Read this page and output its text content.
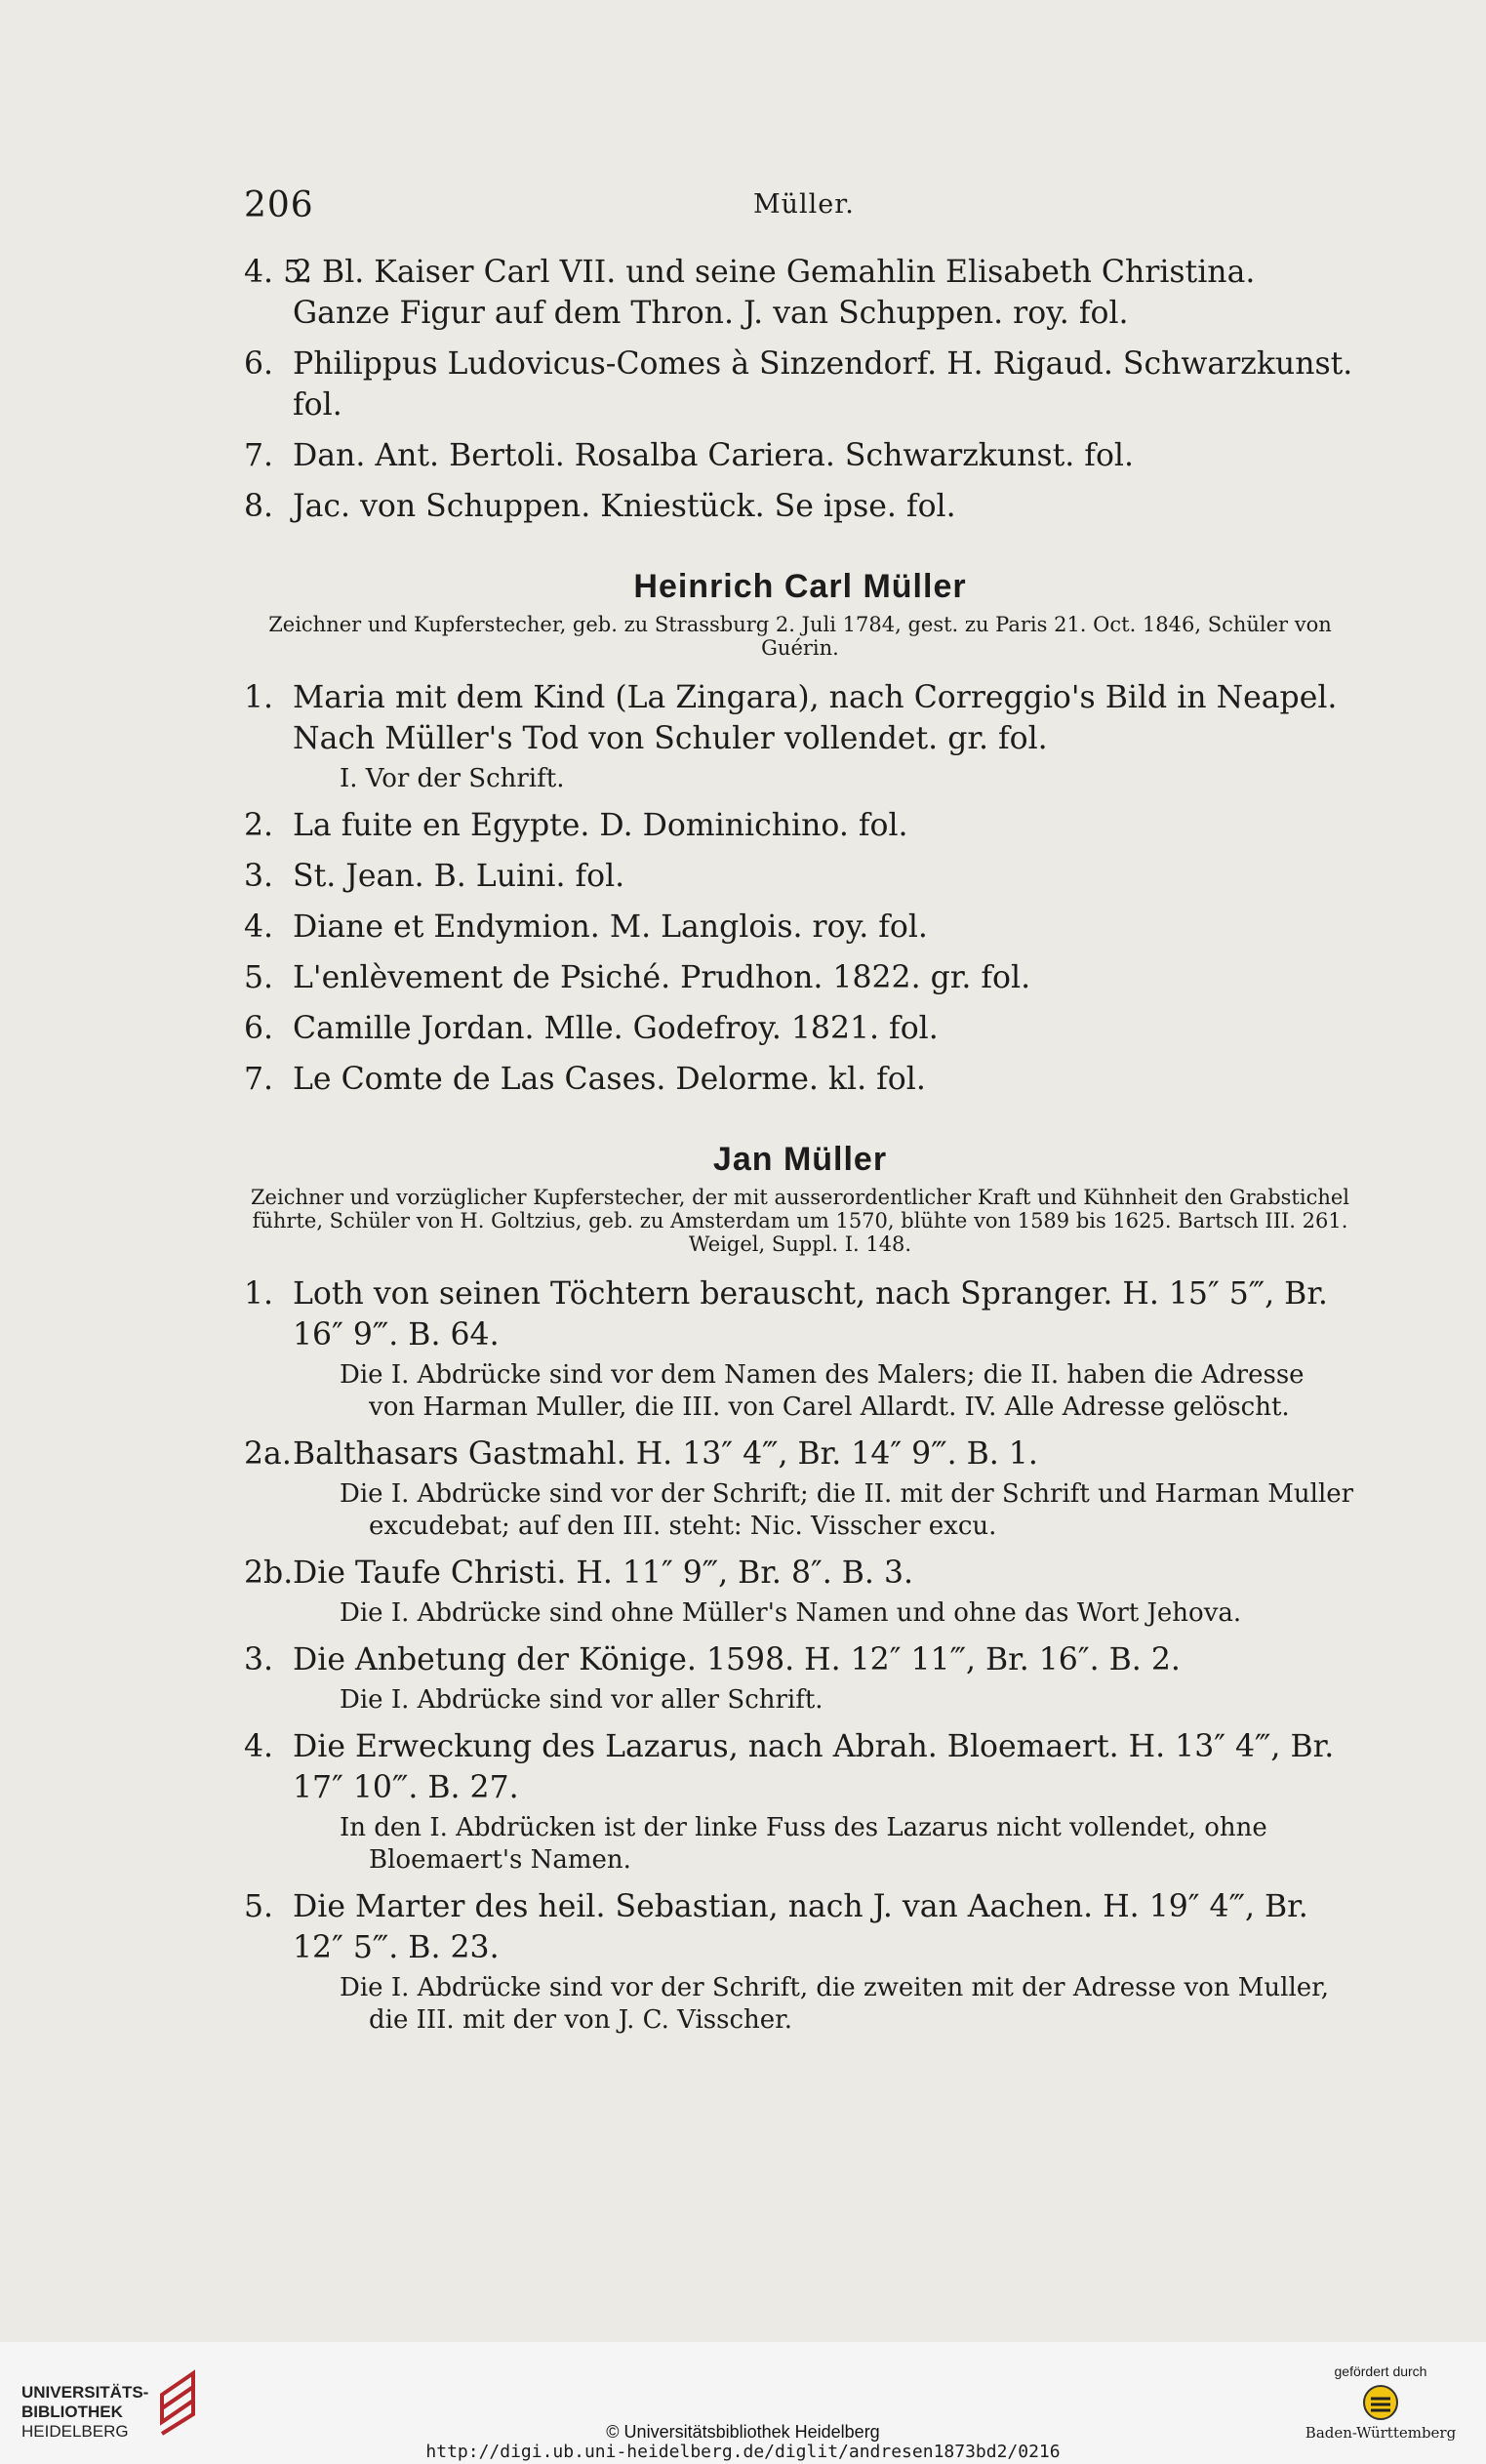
206	Müller.
4. 5.
2 Bl. Kaiser Carl VII. und seine Gemahlin Elisabeth Christina. Ganze Figur auf dem Thron. J. van Schuppen. roy. fol.
6. Philippus Ludovicus-Comes à Sinzendorf. H. Rigaud. Schwarzkunst. fol.
7. Dan. Ant. Bertoli. Rosalba Cariera. Schwarzkunst. fol.
8. Jac. von Schuppen. Kniestück. Se ipse. fol.
Heinrich Carl Müller
Zeichner und Kupferstecher, geb. zu Strassburg 2. Juli 1784, gest. zu Paris 21. Oct. 1846, Schüler von Guérin.
1. Maria mit dem Kind (La Zingara), nach Correggio's Bild in Neapel. Nach Müller's Tod von Schuler vollendet. gr. fol.

I. Vor der Schrift.

2. La fuite en Egypte. D. Dominichino. fol.
3. St. Jean. B. Luini. fol.
4. Diane et Endymion. M. Langlois. roy. fol.
5. L'enlèvement de Psiché. Prudhon. 1822. gr. fol.
6. Camille Jordan. Mlle. Godefroy. 1821. fol.
7. Le Comte de Las Cases. Delorme. kl. fol.
Jan Müller
Zeichner und vorzüglicher Kupferstecher, der mit ausserordentlicher Kraft und Kühnheit den Grabstichel führte, Schüler von H. Goltzius, geb. zu Amsterdam um 1570, blühte von 1589 bis 1625. Bartsch III. 261. Weigel, Suppl. I. 148.
1. Loth von seinen Töchtern berauscht, nach Spranger. H. 15″ 5‴, Br. 16″ 9‴. B. 64.

Die I. Abdrücke sind vor dem Namen des Malers; die II. haben die Adresse von Harman Muller, die III. von Carel Allardt. IV. Alle Adresse gelöscht.

2a. Balthasars Gastmahl. H. 13″ 4‴, Br. 14″ 9‴. B. 1.

Die I. Abdrücke sind vor der Schrift; die II. mit der Schrift und Harman Muller excudebat; auf den III. steht: Nic. Visscher excu.

2b. Die Taufe Christi. H. 11″ 9‴, Br. 8″. B. 3.

Die I. Abdrücke sind ohne Müller's Namen und ohne das Wort Jehova.

3. Die Anbetung der Könige. 1598. H. 12″ 11‴, Br. 16″. B. 2.

Die I. Abdrücke sind vor aller Schrift.

4. Die Erweckung des Lazarus, nach Abrah. Bloemaert. H. 13″ 4‴, Br. 17″ 10‴. B. 27.

In den I. Abdrücken ist der linke Fuss des Lazarus nicht vollendet, ohne Bloemaert's Namen.

5. Die Marter des heil. Sebastian, nach J. van Aachen. H. 19″ 4‴, Br. 12″ 5‴. B. 23.

Die I. Abdrücke sind vor der Schrift, die zweiten mit der Adresse von Muller, die III. mit der von J. C. Visscher.

UNIVERSITÄTS-
BIBLIOTHEK
HEIDELBERG	© Universitätsbibliothek Heidelberg
http://digi.ub.uni-heidelberg.de/diglit/andresen1873bd2/0216
gefördert durch
Baden-Württemberg
